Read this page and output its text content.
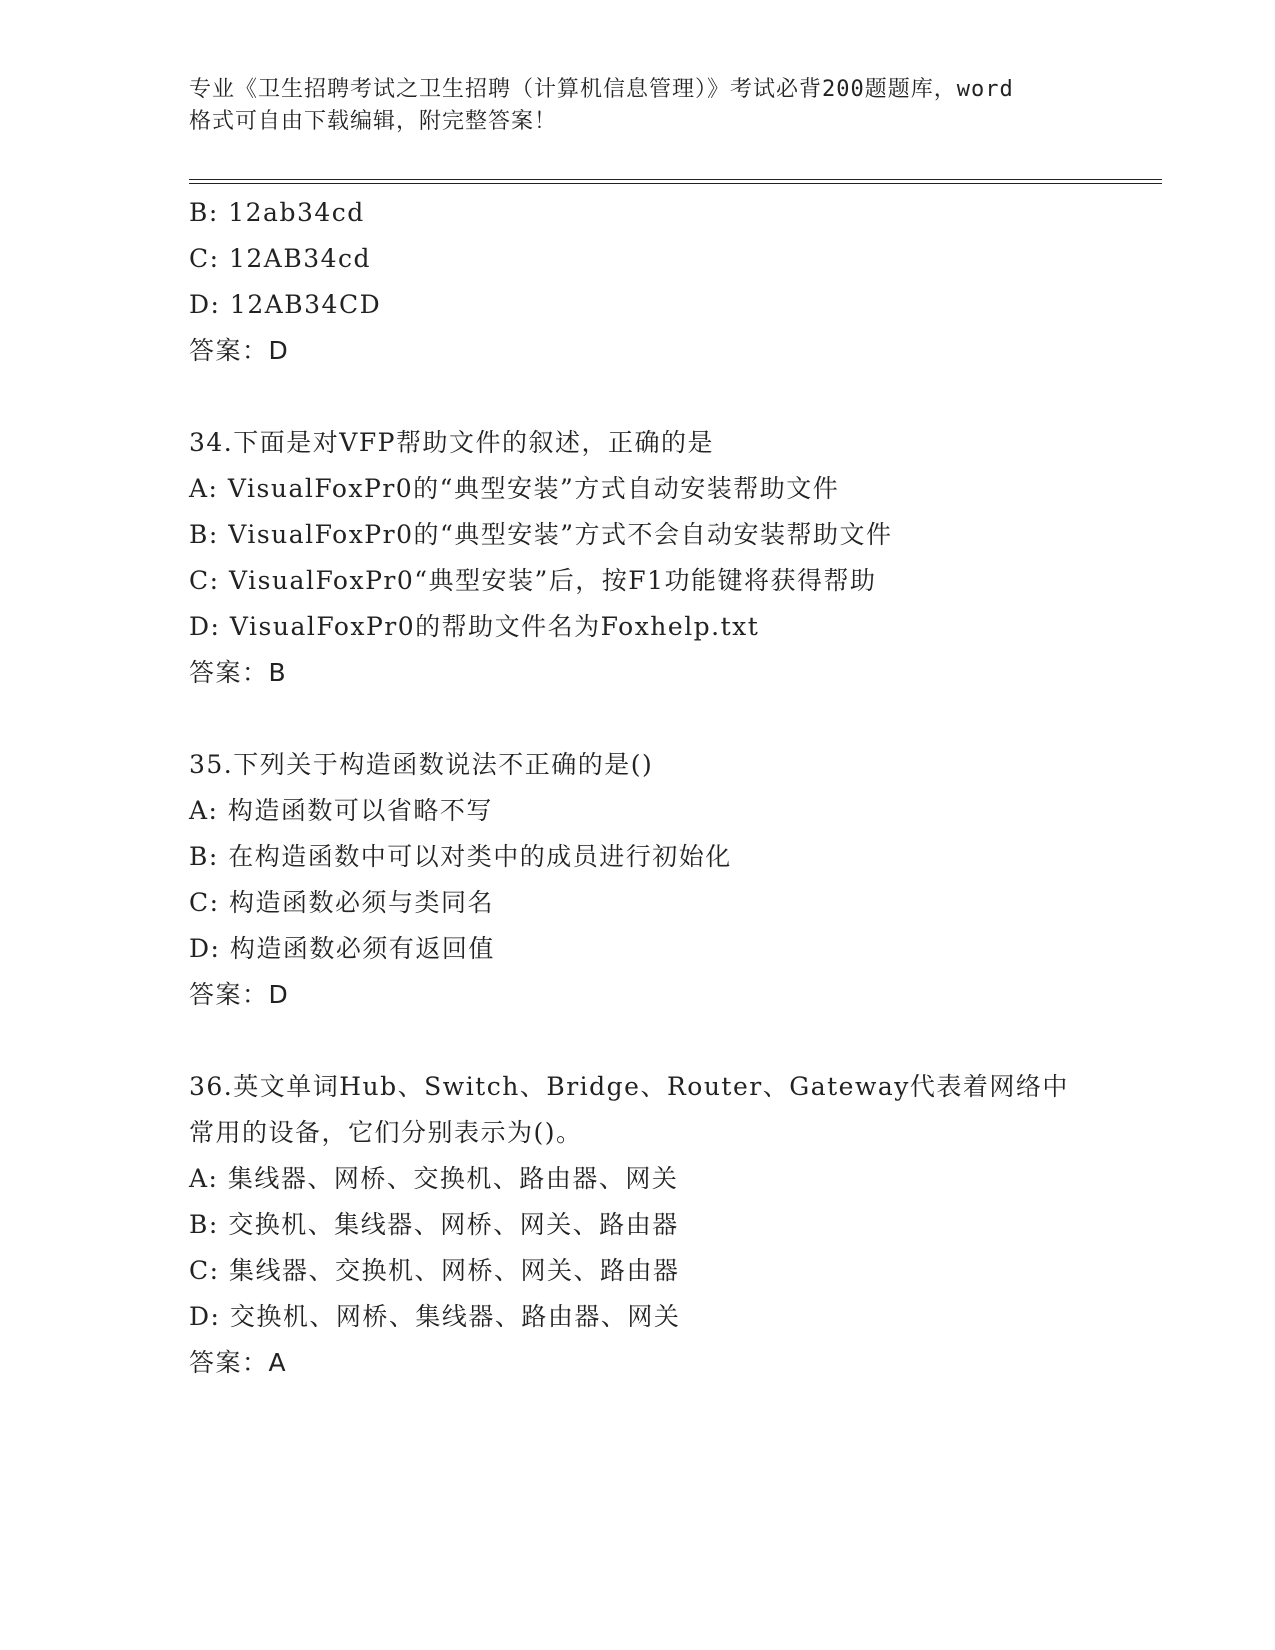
专业《卫生招聘考试之卫生招聘（计算机信息管理）》考试必背200题题库，word
格式可自由下载编辑，附完整答案！
B: 12ab34cd
C: 12AB34cd
D: 12AB34CD
答案：D
34.下面是对VFP帮助文件的叙述，正确的是
A: VisualFoxPr0的“典型安装”方式自动安装帮助文件
B: VisualFoxPr0的“典型安装”方式不会自动安装帮助文件
C: VisualFoxPr0“典型安装”后，按F1功能键将获得帮助
D: VisualFoxPr0的帮助文件名为Foxhelp.txt
答案：B
35.下列关于构造函数说法不正确的是()
A: 构造函数可以省略不写
B: 在构造函数中可以对类中的成员进行初始化
C: 构造函数必须与类同名
D: 构造函数必须有返回值
答案：D
36.英文单词Hub、Switch、Bridge、Router、Gateway代表着网络中
常用的设备，它们分别表示为()。
A: 集线器、网桥、交换机、路由器、网关
B: 交换机、集线器、网桥、网关、路由器
C: 集线器、交换机、网桥、网关、路由器
D: 交换机、网桥、集线器、路由器、网关
答案：A
